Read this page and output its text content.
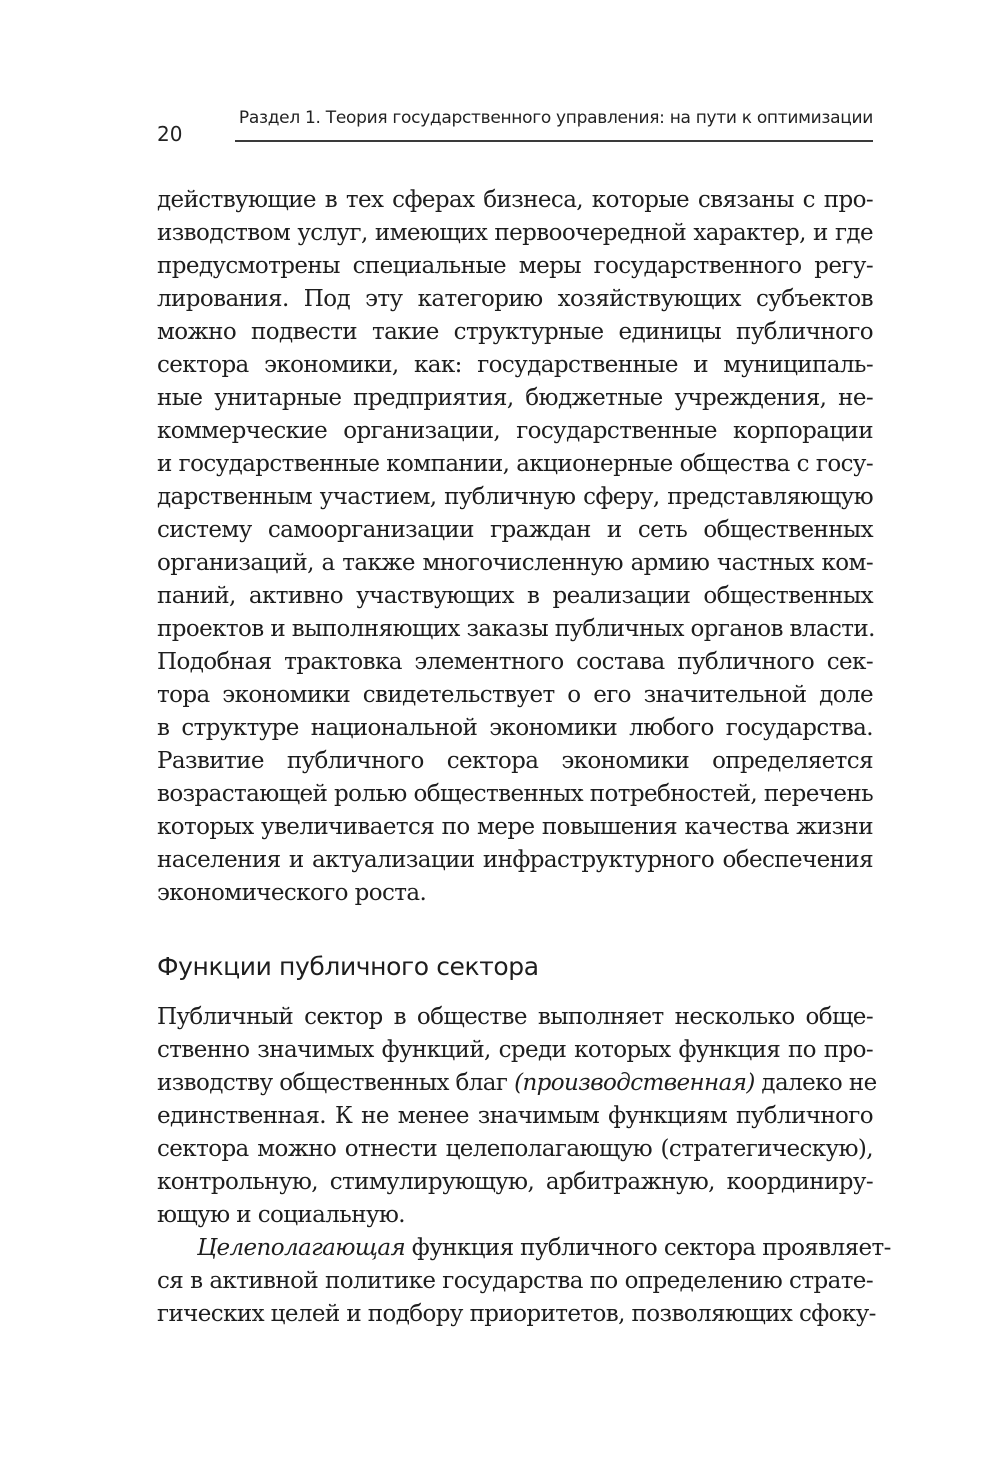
20
Раздел 1. Теория государственного управления: на пути к оптимизации
действующие в тех сферах бизнеса, которые связаны с про-
изводством услуг, имеющих первоочередной характер, и где
предусмотрены специальные меры государственного регу-
лирования. Под эту категорию хозяйствующих субъектов
можно подвести такие структурные единицы публичного
сектора экономики, как: государственные и муниципаль-
ные унитарные предприятия, бюджетные учреждения, не-
коммерческие организации, государственные корпорации
и государственные компании, акционерные общества с госу-
дарственным участием, публичную сферу, представляющую
систему самоорганизации граждан и сеть общественных
организаций, а также многочисленную армию частных ком-
паний, активно участвующих в реализации общественных
проектов и выполняющих заказы публичных органов власти.
Подобная трактовка элементного состава публичного сек-
тора экономики свидетельствует о его значительной доле
в структуре национальной экономики любого государства.
Развитие публичного сектора экономики определяется
возрастающей ролью общественных потребностей, перечень
которых увеличивается по мере повышения качества жизни
населения и актуализации инфраструктурного обеспечения
экономического роста.
Функции публичного сектора
Публичный сектор в обществе выполняет несколько обще-
ственно значимых функций, среди которых функция по про-
изводству общественных благ (производственная) далеко не
единственная. К не менее значимым функциям публичного
сектора можно отнести целеполагающую (стратегическую),
контрольную, стимулирующую, арбитражную, координиру-
ющую и социальную.
Целеполагающая функция публичного сектора проявляет-
ся в активной политике государства по определению страте-
гических целей и подбору приоритетов, позволяющих сфоку-
